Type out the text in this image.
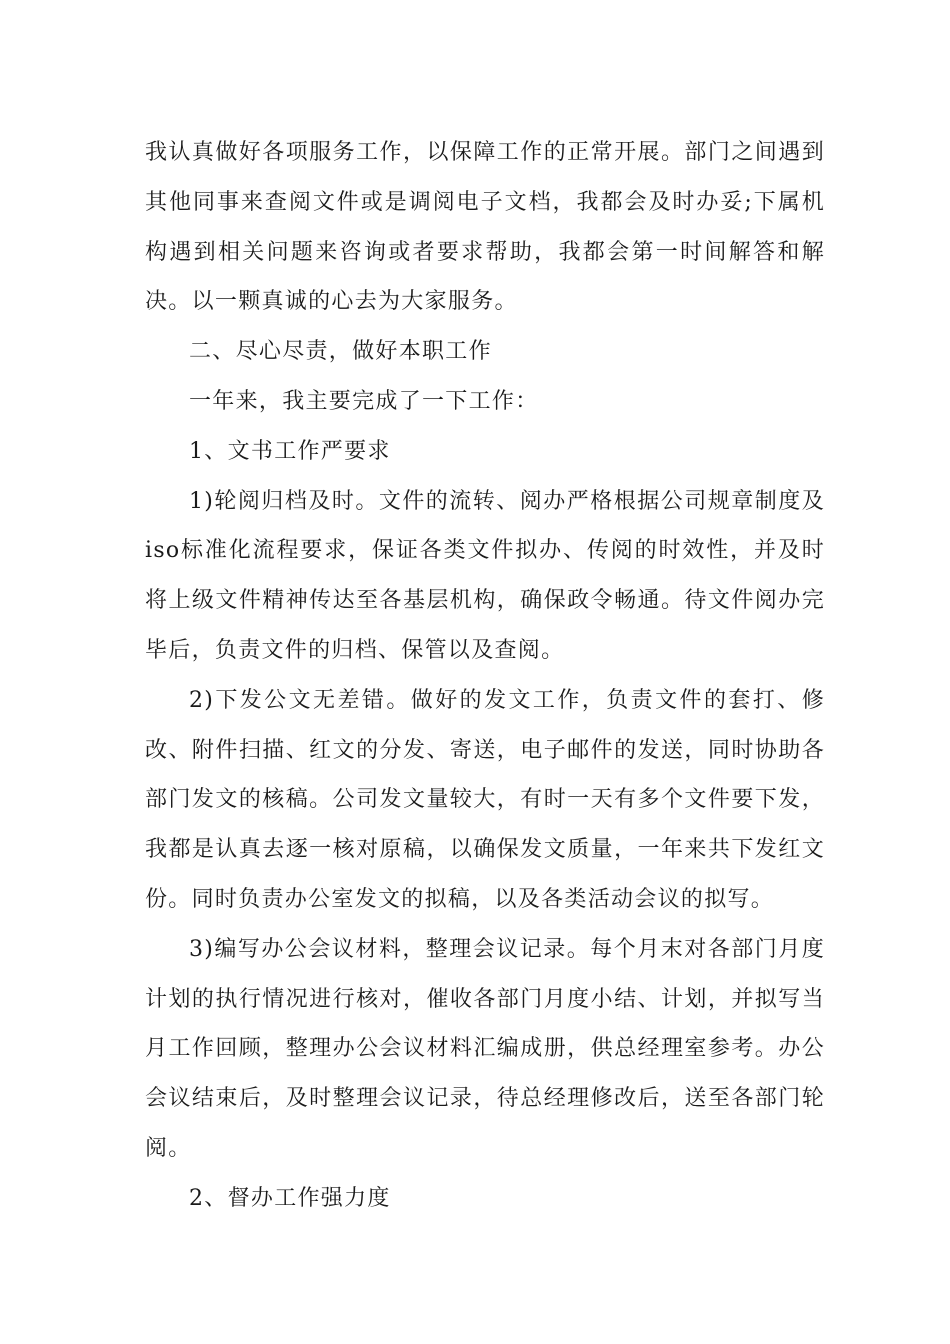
我认真做好各项服务工作，以保障工作的正常开展。部门之间遇到其他同事来查阅文件或是调阅电子文档，我都会及时办妥;下属机构遇到相关问题来咨询或者要求帮助，我都会第一时间解答和解决。以一颗真诚的心去为大家服务。

二、尽心尽责，做好本职工作

一年来，我主要完成了一下工作：

1、文书工作严要求

1)轮阅归档及时。文件的流转、阅办严格根据公司规章制度及iso标准化流程要求，保证各类文件拟办、传阅的时效性，并及时将上级文件精神传达至各基层机构，确保政令畅通。待文件阅办完毕后，负责文件的归档、保管以及查阅。

2)下发公文无差错。做好的发文工作，负责文件的套打、修改、附件扫描、红文的分发、寄送，电子邮件的发送，同时协助各部门发文的核稿。公司发文量较大，有时一天有多个文件要下发，我都是认真去逐一核对原稿，以确保发文质量，一年来共下发红文份。同时负责办公室发文的拟稿，以及各类活动会议的拟写。

3)编写办公会议材料，整理会议记录。每个月末对各部门月度计划的执行情况进行核对，催收各部门月度小结、计划，并拟写当月工作回顾，整理办公会议材料汇编成册，供总经理室参考。办公会议结束后，及时整理会议记录，待总经理修改后，送至各部门轮阅。

2、督办工作强力度
